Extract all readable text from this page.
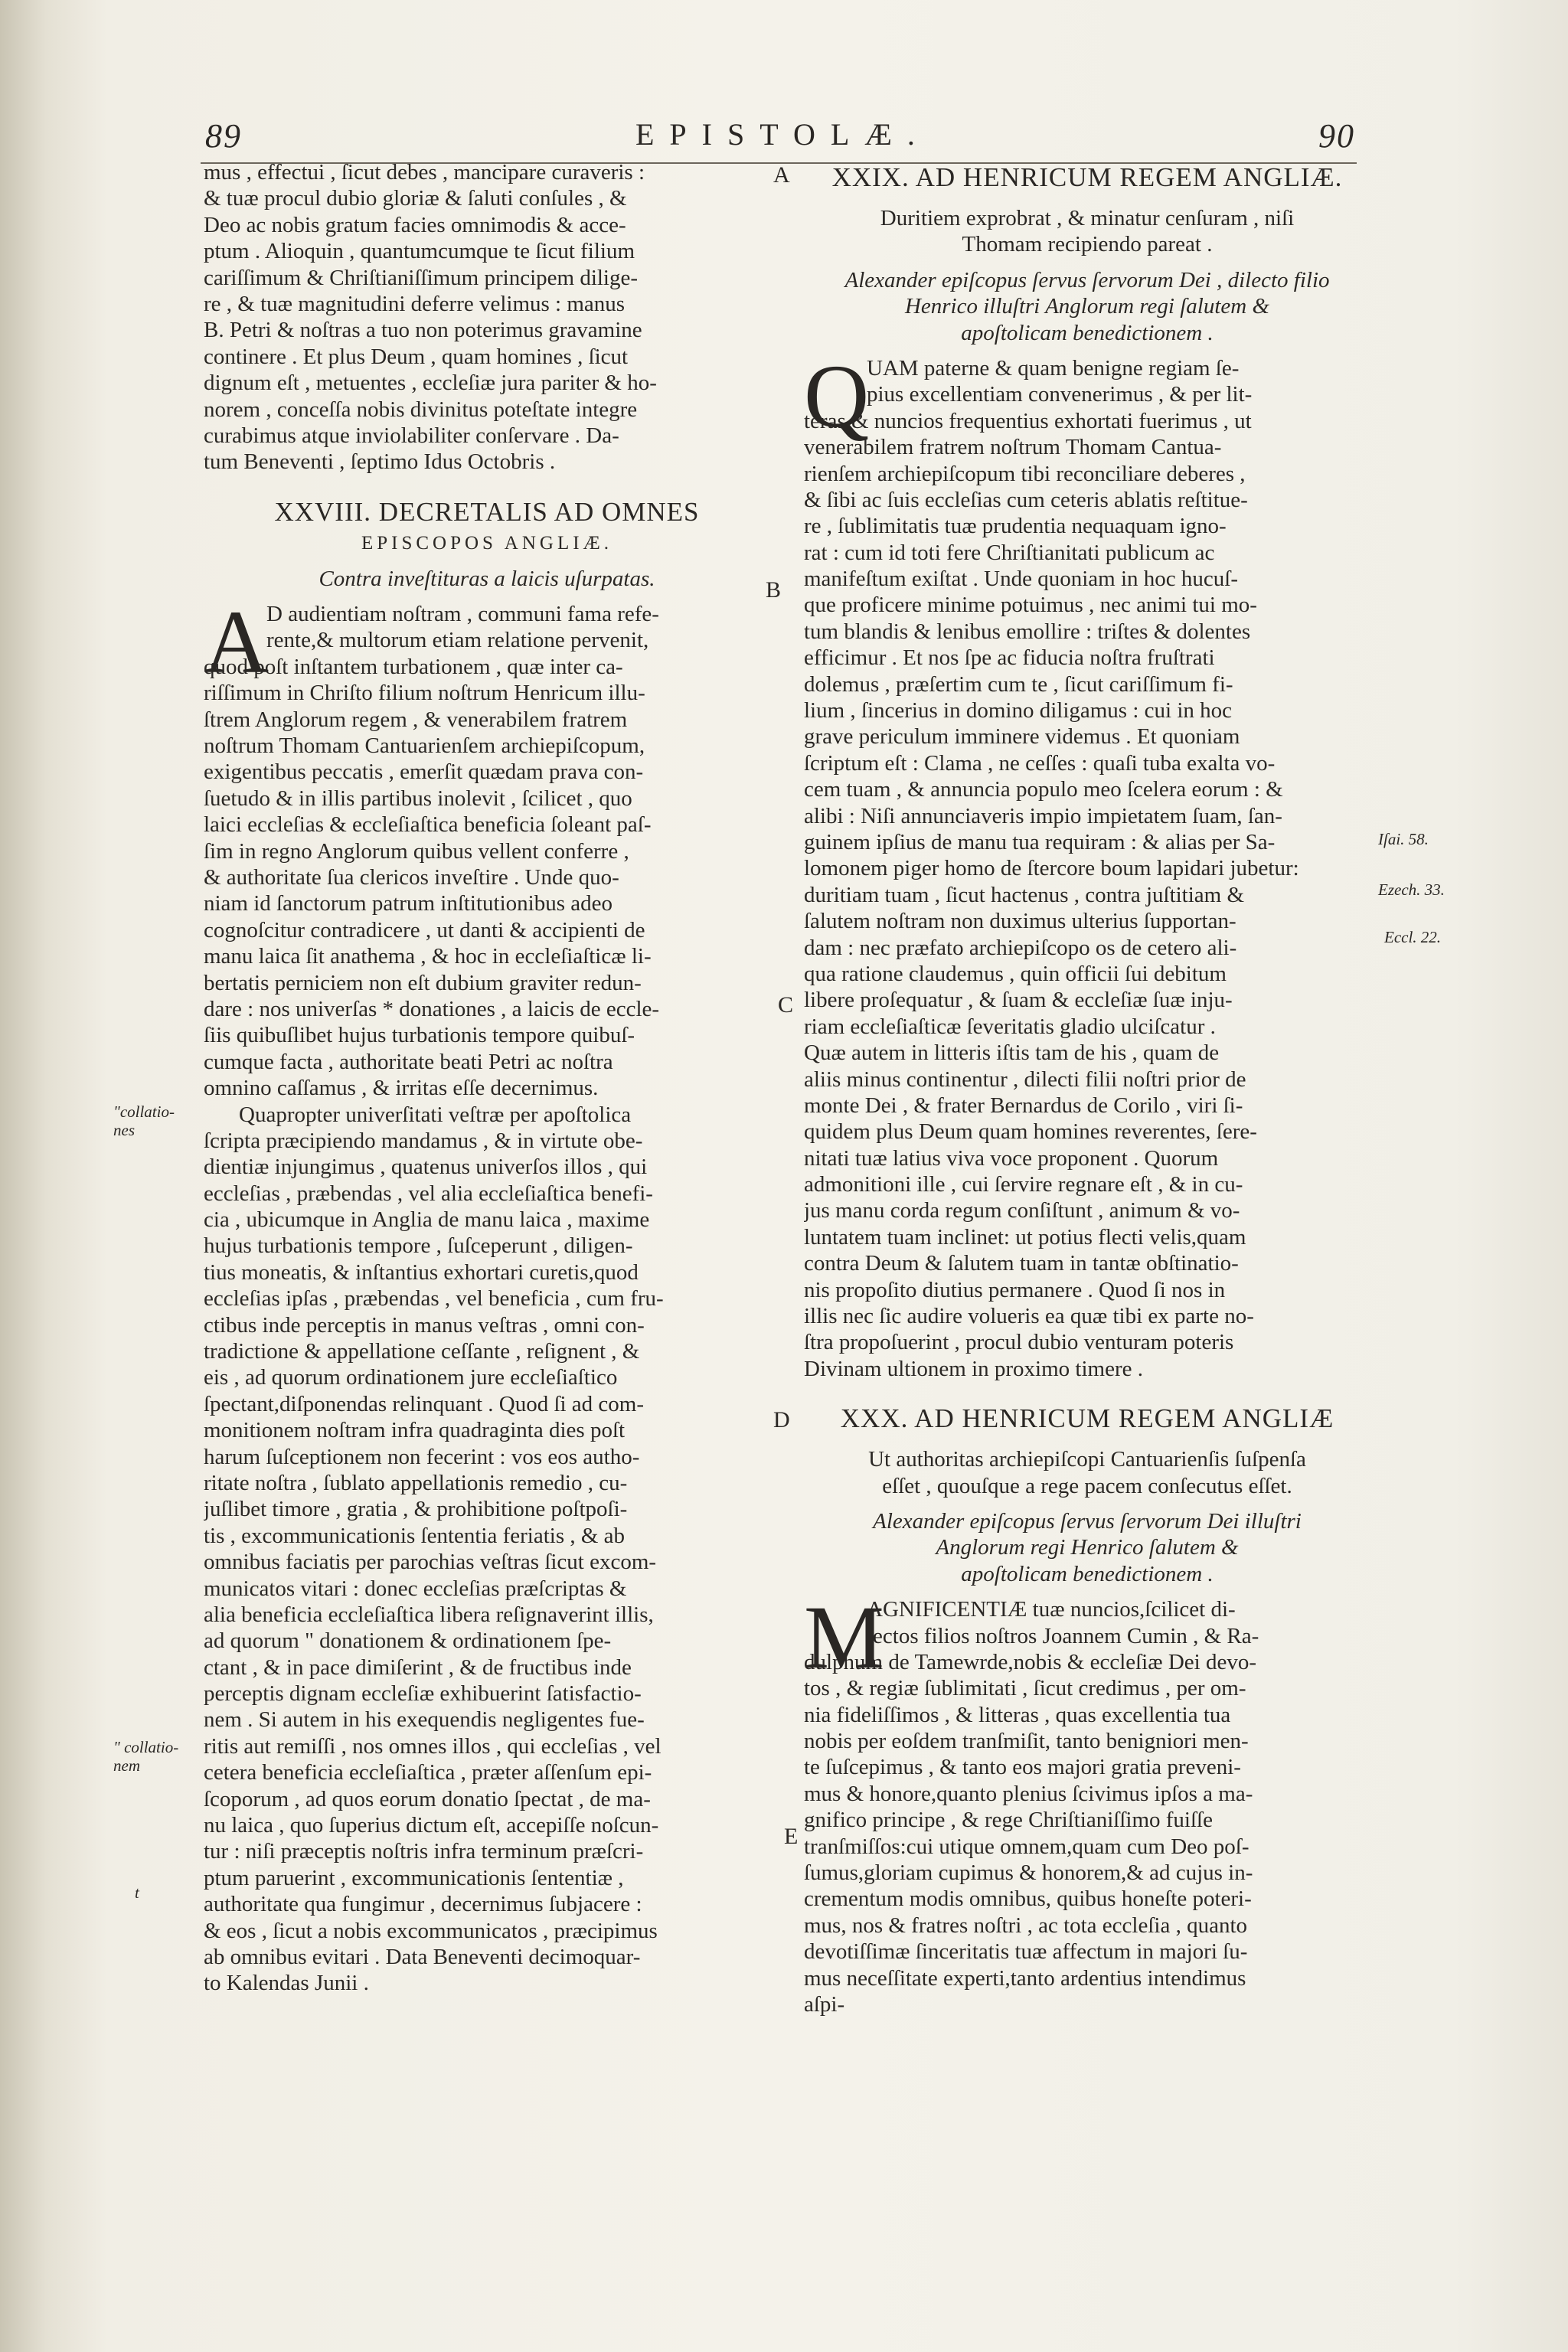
89	EPISTOLÆ.	90
mus , effectui , ſicut debes , mancipare curaveris :
& tuæ procul dubio gloriæ & ſaluti conſules , &
Deo ac nobis gratum facies omnimodis & acce-
ptum . Alioquin , quantumcumque te ſicut filium
cariſſimum & Chriſtianiſſimum principem dilige-
re , & tuæ magnitudini deferre velimus : manus
B. Petri & noſtras a tuo non poterimus gravamine
continere . Et plus Deum , quam homines , ſicut
dignum eſt , metuentes , eccleſiæ jura pariter & ho-
norem , conceſſa nobis divinitus poteſtate integre
curabimus atque inviolabiliter conſervare . Da-
tum Beneventi , ſeptimo Idus Octobris .
XXVIII. DECRETALIS AD OMNES
EPISCOPOS ANGLIÆ.
Contra inveſtituras a laicis uſurpatas.
A
D audientiam noſtram , communi fama refe-
rente,& multorum etiam relatione pervenit,
quod poſt inſtantem turbationem , quæ inter ca-
riſſimum in Chriſto filium noſtrum Henricum illu-
ſtrem Anglorum regem , & venerabilem fratrem
noſtrum Thomam Cantuarienſem archiepiſcopum,
exigentibus peccatis , emerſit quædam prava con-
ſuetudo & in illis partibus inolevit , ſcilicet , quo
laici eccleſias & eccleſiaſtica beneficia ſoleant paſ-
ſim in regno Anglorum quibus vellent conferre ,
& authoritate ſua clericos inveſtire . Unde quo-
niam id ſanctorum patrum inſtitutionibus adeo
cognoſcitur contradicere , ut danti & accipienti de
manu laica ſit anathema , & hoc in eccleſiaſticæ li-
bertatis perniciem non eſt dubium graviter redun-
dare : nos univerſas * donationes , a laicis de eccle-
ſiis quibuſlibet hujus turbationis tempore quibuſ-
cumque facta , authoritate beati Petri ac noſtra
omnino caſſamus , & irritas eſſe decernimus.
Quapropter univerſitati veſtræ per apoſtolica
ſcripta præcipiendo mandamus , & in virtute obe-
dientiæ injungimus , quatenus univerſos illos , qui
eccleſias , præbendas , vel alia eccleſiaſtica benefi-
cia , ubicumque in Anglia de manu laica , maxime
hujus turbationis tempore , ſuſceperunt , diligen-
tius moneatis, & inſtantius exhortari curetis,quod
eccleſias ipſas , præbendas , vel beneficia , cum fru-
ctibus inde perceptis in manus veſtras , omni con-
tradictione & appellatione ceſſante , reſignent , &
eis , ad quorum ordinationem jure eccleſiaſtico
ſpectant,diſponendas relinquant . Quod ſi ad com-
monitionem noſtram infra quadraginta dies poſt
harum ſuſceptionem non fecerint : vos eos autho-
ritate noſtra , ſublato appellationis remedio , cu-
juſlibet timore , gratia , & prohibitione poſtpoſi-
tis , excommunicationis ſententia feriatis , & ab
omnibus faciatis per parochias veſtras ſicut excom-
municatos vitari : donec eccleſias præſcriptas &
alia beneficia eccleſiaſtica libera reſignaverint illis,
ad quorum " donationem & ordinationem ſpe-
ctant , & in pace dimiſerint , & de fructibus inde
perceptis dignam eccleſiæ exhibuerint ſatisfactio-
nem . Si autem in his exequendis negligentes fue-
ritis aut remiſſi , nos omnes illos , qui eccleſias , vel
cetera beneficia eccleſiaſtica , præter aſſenſum epi-
ſcoporum , ad quos eorum donatio ſpectat , de ma-
nu laica , quo ſuperius dictum eſt, accepiſſe noſcun-
tur : niſi præceptis noſtris infra terminum præſcri-
ptum paruerint , excommunicationis ſententiæ ,
authoritate qua fungimur , decernimus ſubjacere :
& eos , ſicut a nobis excommunicatos , præcipimus
ab omnibus evitari . Data Beneventi decimoquar-
to Kalendas Junii .
XXIX. AD HENRICUM REGEM ANGLIÆ.
Duritiem exprobrat , & minatur cenſuram , niſi
Thomam recipiendo pareat .
Alexander epiſcopus ſervus ſervorum Dei , dilecto filio
Henrico illuſtri Anglorum regi ſalutem &
apoſtolicam benedictionem .
Q
UAM paterne & quam benigne regiam ſe-
pius excellentiam convenerimus , & per lit-
teras & nuncios frequentius exhortati fuerimus , ut
venerabilem fratrem noſtrum Thomam Cantua-
rienſem archiepiſcopum tibi reconciliare deberes ,
& ſibi ac ſuis eccleſias cum ceteris ablatis reſtitue-
re , ſublimitatis tuæ prudentia nequaquam igno-
rat : cum id toti fere Chriſtianitati publicum ac
manifeſtum exiſtat . Unde quoniam in hoc hucuſ-
que proficere minime potuimus , nec animi tui mo-
tum blandis & lenibus emollire : triſtes & dolentes
efficimur . Et nos ſpe ac fiducia noſtra fruſtrati
dolemus , præſertim cum te , ſicut cariſſimum fi-
lium , ſincerius in domino diligamus : cui in hoc
grave periculum imminere videmus . Et quoniam
ſcriptum eſt : Clama , ne ceſſes : quaſi tuba exalta vo-
cem tuam , & annuncia populo meo ſcelera eorum : &
alibi : Niſi annunciaveris impio impietatem ſuam, ſan-
guinem ipſius de manu tua requiram : & alias per Sa-
lomonem piger homo de ſtercore boum lapidari jubetur:
duritiam tuam , ſicut hactenus , contra juſtitiam &
ſalutem noſtram non duximus ulterius ſupportan-
dam : nec præfato archiepiſcopo os de cetero ali-
qua ratione claudemus , quin officii ſui debitum
libere proſequatur , & ſuam & eccleſiæ ſuæ inju-
riam eccleſiaſticæ ſeveritatis gladio ulciſcatur .
Quæ autem in litteris iſtis tam de his , quam de
aliis minus continentur , dilecti filii noſtri prior de
monte Dei , & frater Bernardus de Corilo , viri ſi-
quidem plus Deum quam homines reverentes, ſere-
nitati tuæ latius viva voce proponent . Quorum
admonitioni ille , cui ſervire regnare eſt , & in cu-
jus manu corda regum conſiſtunt , animum & vo-
luntatem tuam inclinet: ut potius flecti velis,quam
contra Deum & ſalutem tuam in tantæ obſtinatio-
nis propoſito diutius permanere . Quod ſi nos in
illis nec ſic audire volueris ea quæ tibi ex parte no-
ſtra propoſuerint , procul dubio venturam poteris
Divinam ultionem in proximo timere .
XXX. AD HENRICUM REGEM ANGLIÆ
Ut authoritas archiepiſcopi Cantuarienſis ſuſpenſa
eſſet , quouſque a rege pacem conſecutus eſſet.
Alexander epiſcopus ſervus ſervorum Dei illuſtri
Anglorum regi Henrico ſalutem &
apoſtolicam benedictionem .
M
AGNIFICENTIÆ tuæ nuncios,ſcilicet di-
lectos filios noſtros Joannem Cumin , & Ra-
dulphum de Tamewrde,nobis & eccleſiæ Dei devo-
tos , & regiæ ſublimitati , ſicut credimus , per om-
nia fideliſſimos , & litteras , quas excellentia tua
nobis per eoſdem tranſmiſit, tanto benigniori men-
te ſuſcepimus , & tanto eos majori gratia preveni-
mus & honore,quanto plenius ſcivimus ipſos a ma-
gnifico principe , & rege Chriſtianiſſimo fuiſſe
tranſmiſſos:cui utique omnem,quam cum Deo poſ-
ſumus,gloriam cupimus & honorem,& ad cujus in-
crementum modis omnibus, quibus honeſte poteri-
mus, nos & fratres noſtri , ac tota eccleſia , quanto
devotiſſimæ ſinceritatis tuæ affectum in majori ſu-
mus neceſſitate experti,tanto ardentius intendimus
aſpi-
A
B
C
D
E
"collatio-
nes
" collatio-
nem
t
Iſai. 58.
Ezech. 33.
Eccl. 22.
